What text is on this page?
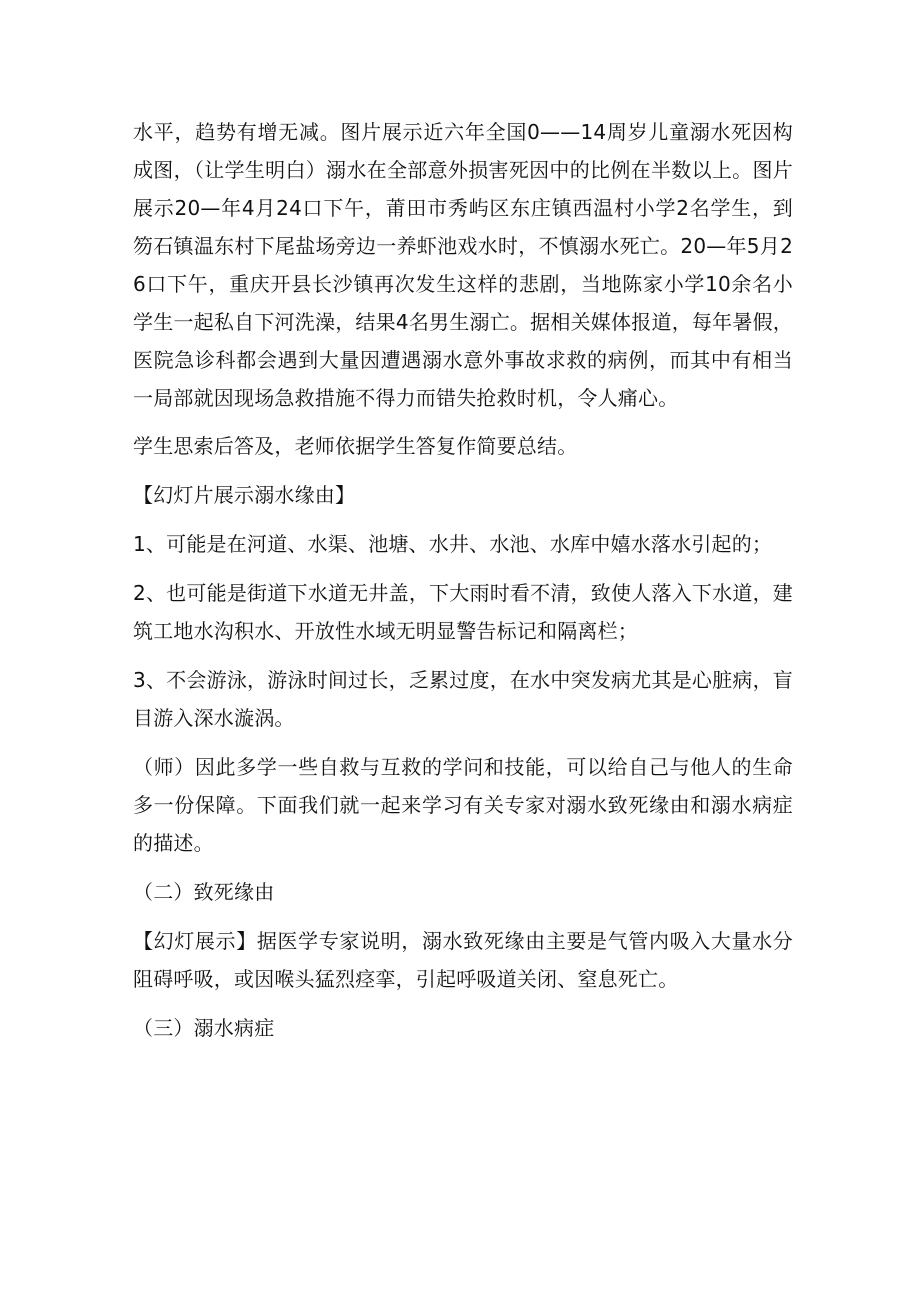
水平，趋势有增无减。图片展示近六年全国0——14周岁儿童溺水死因构成图，（让学生明白）溺水在全部意外损害死因中的比例在半数以上。图片展示20—年4月24口下午，莆田市秀屿区东庄镇西温村小学2名学生，到笏石镇温东村下尾盐场旁边一养虾池戏水时，不慎溺水死亡。20—年5月26口下午，重庆开县长沙镇再次发生这样的悲剧，当地陈家小学10余名小学生一起私自下河洗澡，结果4名男生溺亡。据相关媒体报道，每年暑假，医院急诊科都会遇到大量因遭遇溺水意外事故求救的病例，而其中有相当一局部就因现场急救措施不得力而错失抢救时机，令人痛心。

学生思索后答及，老师依据学生答复作简要总结。

【幻灯片展示溺水缘由】

1、可能是在河道、水渠、池塘、水井、水池、水库中嬉水落水引起的；

2、也可能是街道下水道无井盖，下大雨时看不清，致使人落入下水道，建筑工地水沟积水、开放性水域无明显警告标记和隔离栏；

3、不会游泳，游泳时间过长，乏累过度，在水中突发病尤其是心脏病，盲目游入深水漩涡。

（师）因此多学一些自救与互救的学问和技能，可以给自己与他人的生命多一份保障。下面我们就一起来学习有关专家对溺水致死缘由和溺水病症的描述。

（二）致死缘由

【幻灯展示】据医学专家说明，溺水致死缘由主要是气管内吸入大量水分阻碍呼吸，或因喉头猛烈痉挛，引起呼吸道关闭、窒息死亡。

（三）溺水病症
